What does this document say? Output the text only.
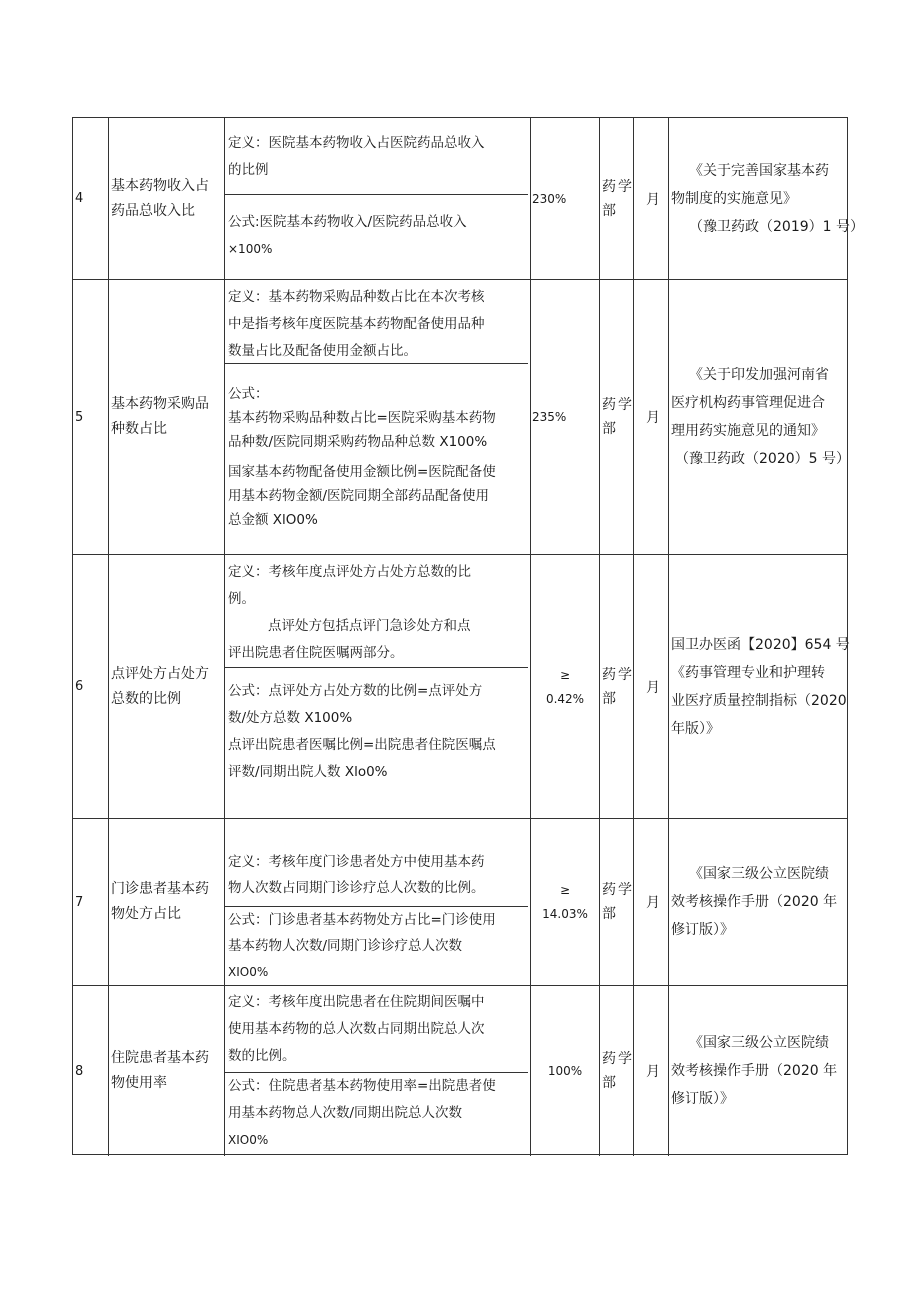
4
基本药物收入占
药品总收入比
定义：医院基本药物收入占医院药品总收入
的比例
公式:医院基本药物收入/医院药品总收入
×100%
230%
药学
部
月
《关于完善国家基本药
物制度的实施意见》
（豫卫药政（2019）1 号）
5
基本药物采购品
种数占比
定义：基本药物采购品种数占比在本次考核
中是指考核年度医院基本药物配备使用品种
数量占比及配备使用金额占比。
公式：
基本药物采购品种数占比=医院采购基本药物
品种数/医院同期采购药物品种总数 X100%
国家基本药物配备使用金额比例=医院配备使
用基本药物金额/医院同期全部药品配备使用
总金额 XlO0%
235%
药学
部
月
《关于印发加强河南省
医疗机构药事管理促进合
理用药实施意见的通知》
（豫卫药政（2020）5 号）
6
点评处方占处方
总数的比例
定义：考核年度点评处方占处方总数的比
例。
点评处方包括点评门急诊处方和点
评出院患者住院医嘱两部分。
公式：点评处方占处方数的比例=点评处方
数/处方总数 X100%
点评出院患者医嘱比例=出院患者住院医嘱点
评数/同期出院人数 Xlo0%
≥
0.42%
药学
部
月
国卫办医函【2020】654 号
《药事管理专业和护理转
业医疗质量控制指标（2020
年版）》
7
门诊患者基本药
物处方占比
定义：考核年度门诊患者处方中使用基本药
物人次数占同期门诊诊疗总人次数的比例。
公式：门诊患者基本药物处方占比=门诊使用
基本药物人次数/同期门诊诊疗总人次数
XIO0%
≥
14.03%
药学
部
月
《国家三级公立医院绩
效考核操作手册（2020 年
修订版）》
8
住院患者基本药
物使用率
定义：考核年度出院患者在住院期间医嘱中
使用基本药物的总人次数占同期出院总人次
数的比例。
公式：住院患者基本药物使用率=出院患者使
用基本药物总人次数/同期出院总人次数
XIO0%
100%
药学
部
月
《国家三级公立医院绩
效考核操作手册（2020 年
修订版）》
